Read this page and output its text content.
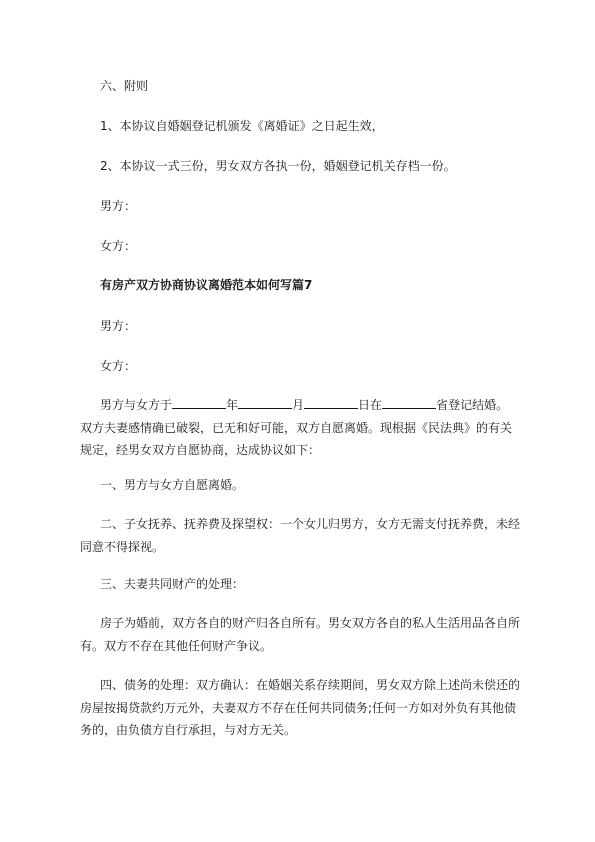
六、附则
1、本协议自婚姻登记机颁发《离婚证》之日起生效，
2、本协议一式三份，男女双方各执一份，婚姻登记机关存档一份。
男方：
女方：
有房产双方协商协议离婚范本如何写篇7
男方：
女方：
男方与女方于	年	月	日在	省登记结婚。双方夫妻感情确已破裂，已无和好可能，双方自愿离婚。现根据《民法典》的有关规定，经男女双方自愿协商，达成协议如下：
一、男方与女方自愿离婚。
二、子女抚养、抚养费及探望权：一个女儿归男方，女方无需支付抚养费，未经同意不得探视。
三、夫妻共同财产的处理：
房子为婚前，双方各自的财产归各自所有。男女双方各自的私人生活用品各自所有。双方不存在其他任何财产争议。
四、债务的处理：双方确认：在婚姻关系存续期间，男女双方除上述尚未偿还的房屋按揭贷款约万元外，夫妻双方不存在任何共同债务;任何一方如对外负有其他债务的，由负债方自行承担，与对方无关。
